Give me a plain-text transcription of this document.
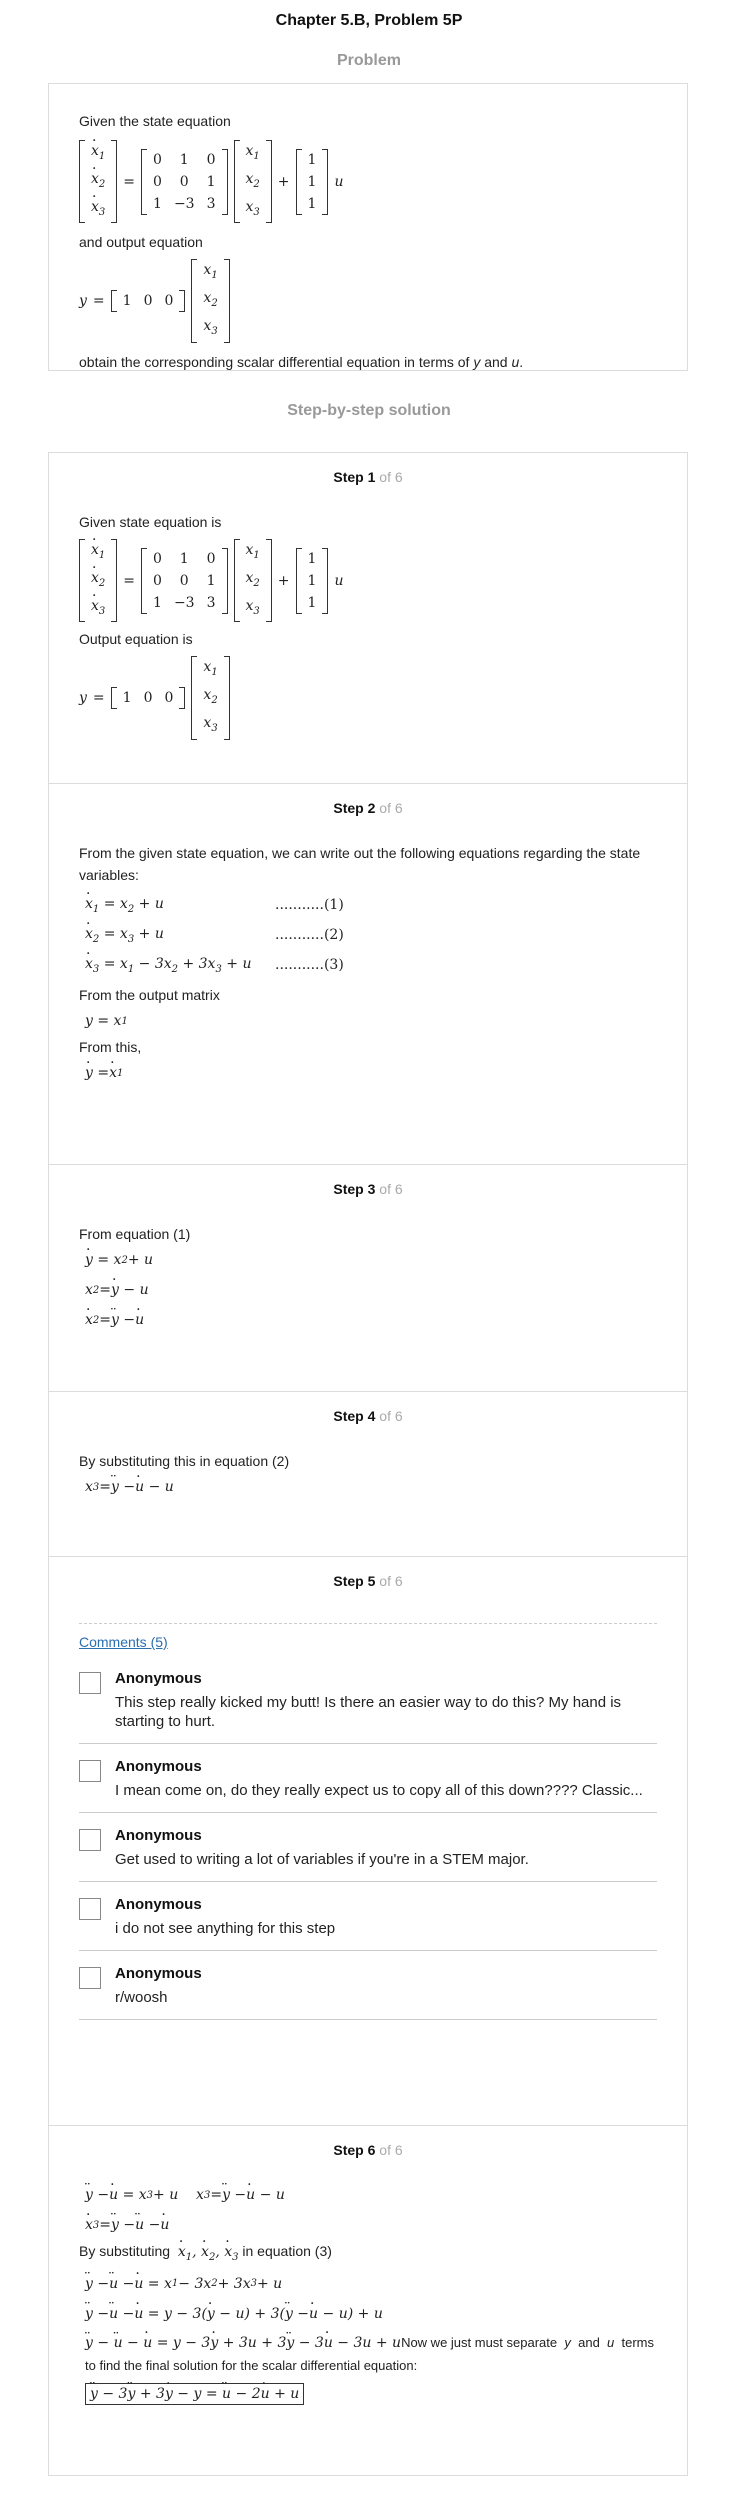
Chapter 5.B, Problem 5P
Problem
Given the state equation
· $x_1$
· $x_2$
· $x_3$
=
0	1	0
0	0	1
1	−3	3
$x_1$
$x_2$
$x_3$
+
1
1
1
u
and output equation
y = 1	0	0
$x_1$
$x_2$
$x_3$
obtain the corresponding scalar differential equation in terms of y and u.
Step-by-step solution
Step 1 of 6
Given state equation is
· $x_1$
· $x_2$
· $x_3$
=
0	1	0
0	0	1
1	−3	3
$x_1$
$x_2$
$x_3$
+
1
1
1
u
Output equation is
y = 1	0	0
$x_1$
$x_2$
$x_3$
Step 2 of 6
From the given state equation, we can write out the following equations regarding the state variables:
· $x_1 = x_2 + u$	...........(1)
· $x_2 = x_3 + u$	...........(2)
· $x_3 = x_1 - 3x_2 + 3x_3 + u$	...........(3)
From the output matrix
y = x 1
From this,
· y = · x 1
Step 3 of 6
From equation (1)
· y = x 2 + u
x 2 = · y − u
· x 2 = ·· y − · u
Step 4 of 6
By substituting this in equation (2)
x 3 = ·· y − · u − u
Step 5 of 6
Comments (5)
Anonymous
This step really kicked my butt! Is there an easier way to do this? My hand is starting to hurt.
Anonymous
I mean come on, do they really expect us to copy all of this down???? Classic...
Anonymous
Get used to writing a lot of variables if you're in a STEM major.
Anonymous
i do not see anything for this step
Anonymous
r/woosh
Step 6 of 6
·· y − · u = x 3 + u    x 3 = ·· y − · u − u
· x 3 = ·· y − ·· u − · u
By substituting · $x_1$, · $x_2$, · $x_3$ in equation (3)
·· y − ·· u − · u = x 1 − 3x 2 + 3x 3 + u
·· y − ·· u − · u = y − 3( · y − u) + 3( ·· y − · u − u) + u
·· y − ·· u − · u = y − 3· y + 3u + 3·· y − 3· u − 3u + uNow we just must separate y and u terms to find the final solution for the scalar differential equation:
·· y − 3·· y + 3· y − y = ·· u − 2· u + u
